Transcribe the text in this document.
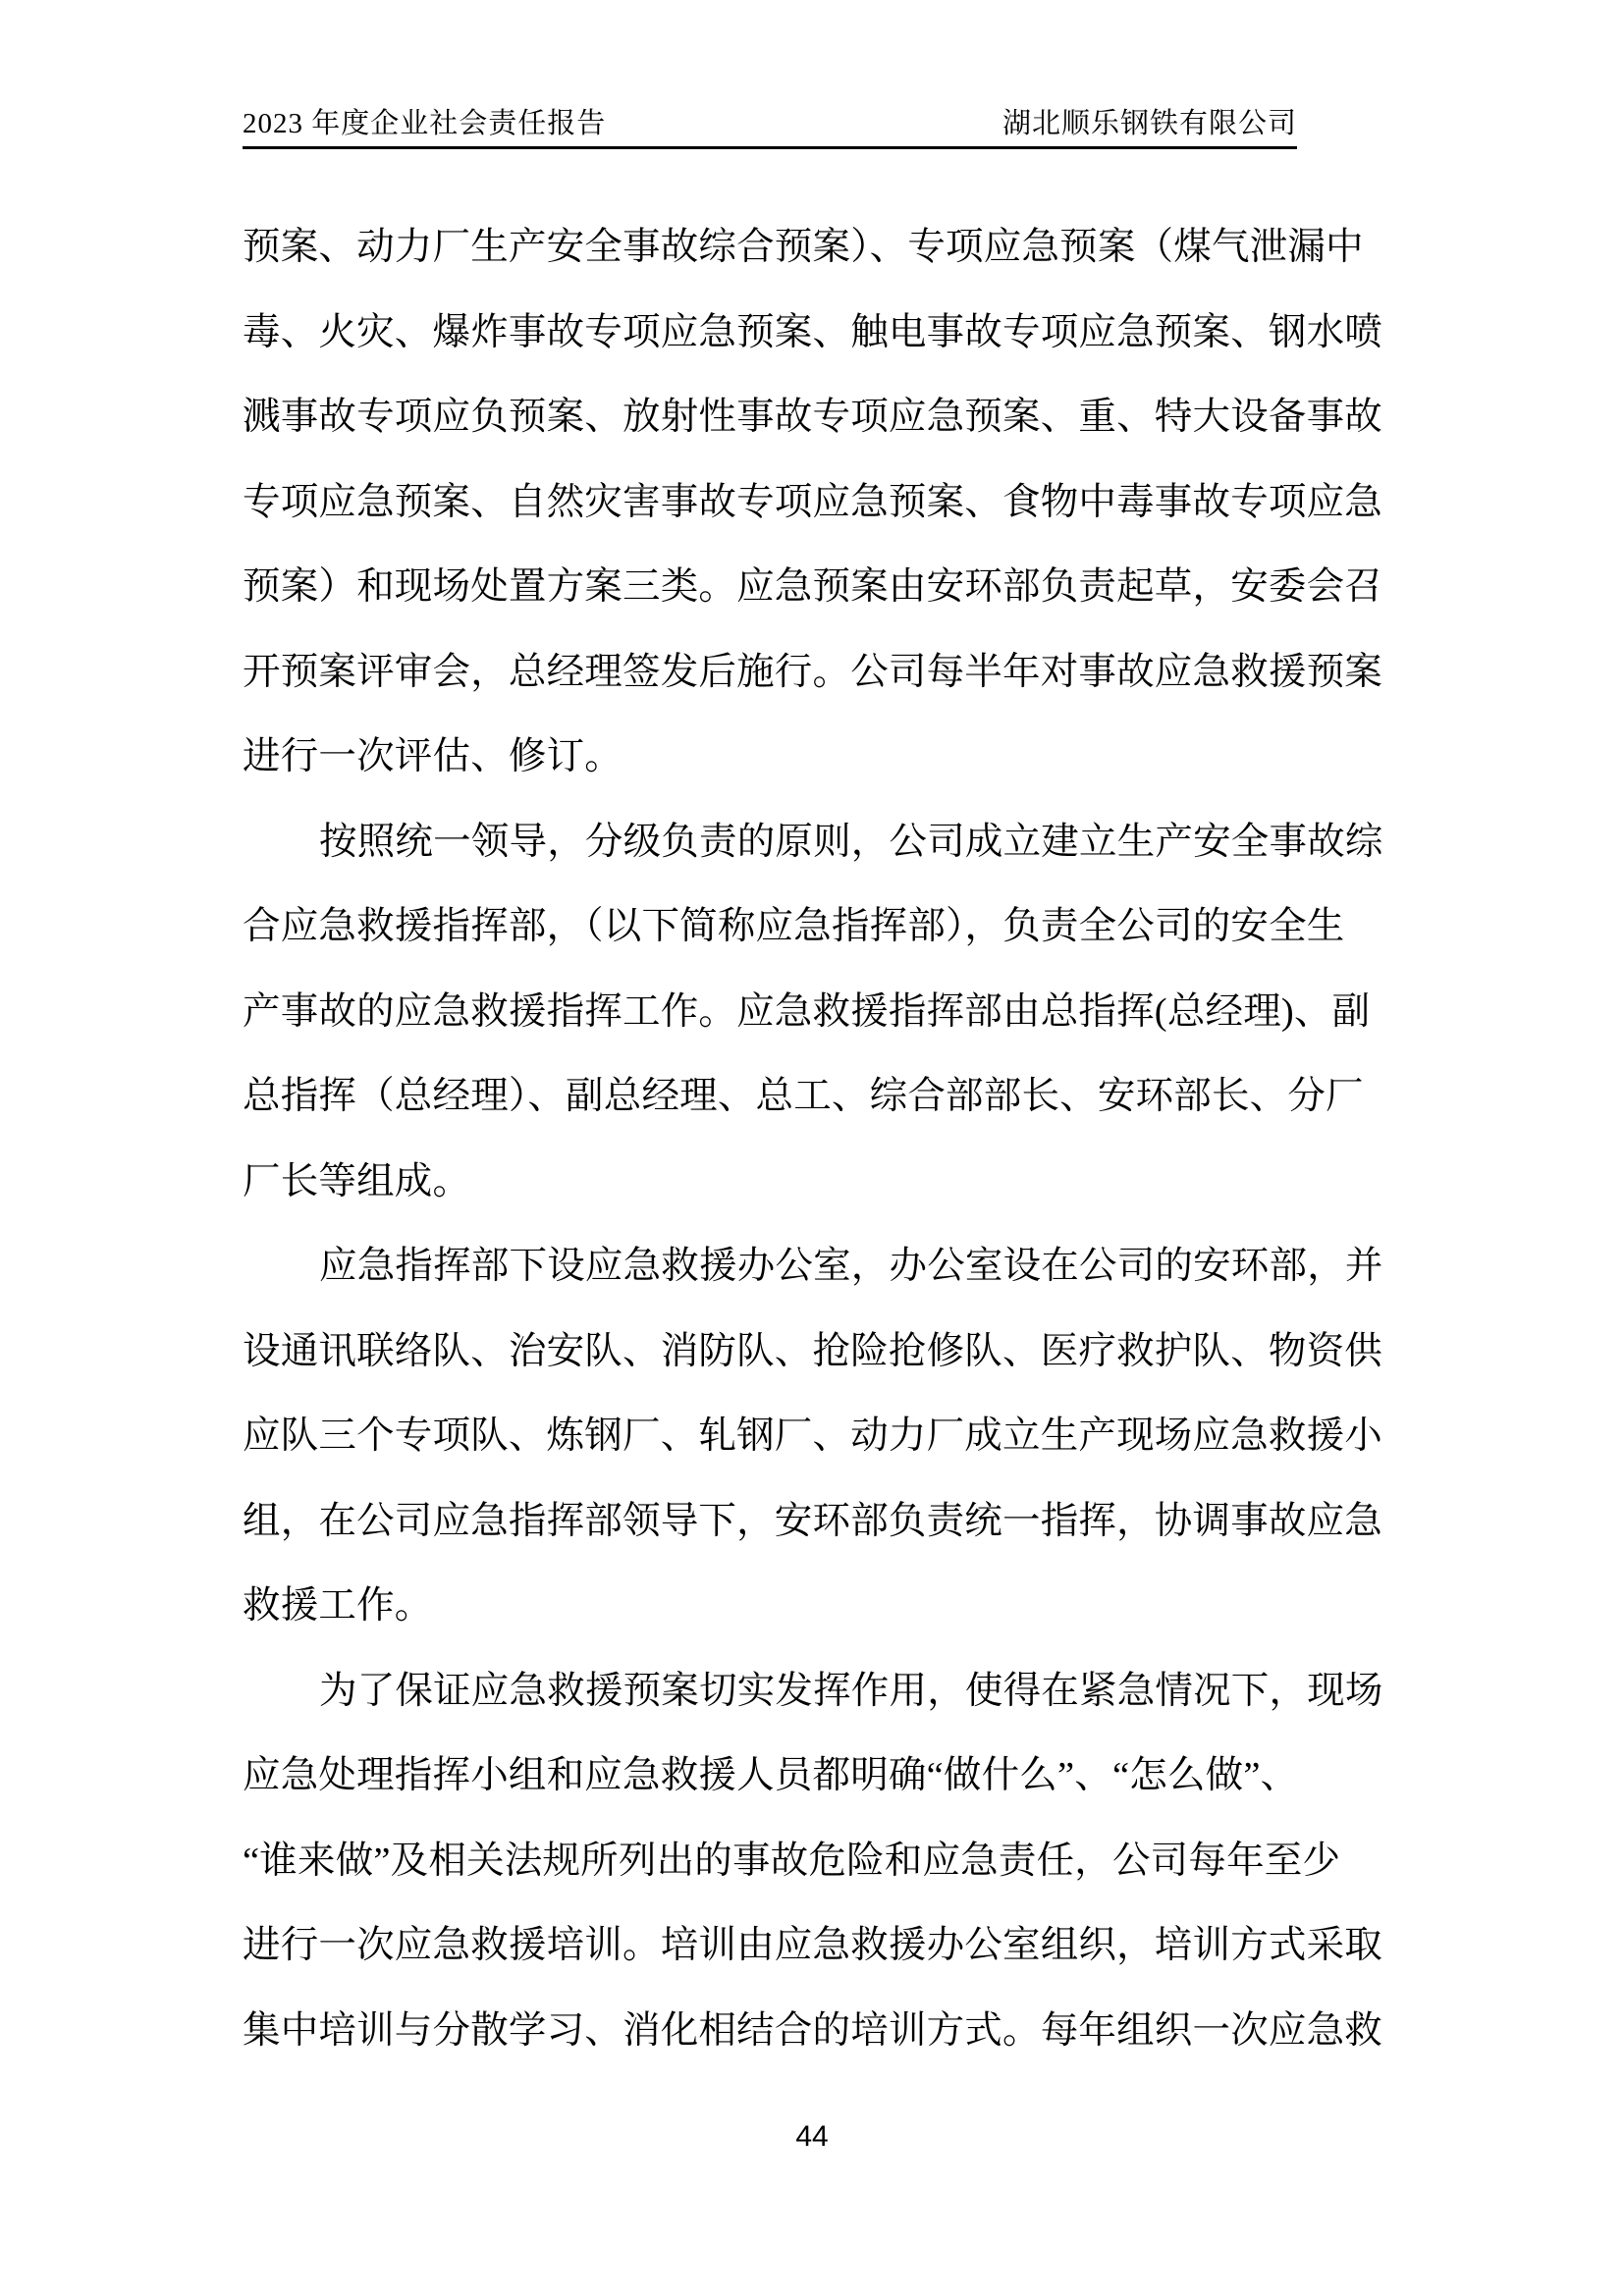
2023 年度企业社会责任报告	湖北顺乐钢铁有限公司
预案、动力厂生产安全事故综合预案）、专项应急预案（煤气泄漏中
毒、火灾、爆炸事故专项应急预案、触电事故专项应急预案、钢水喷
溅事故专项应负预案、放射性事故专项应急预案、重、特大设备事故
专项应急预案、自然灾害事故专项应急预案、食物中毒事故专项应急
预案）和现场处置方案三类。应急预案由安环部负责起草，安委会召
开预案评审会，总经理签发后施行。公司每半年对事故应急救援预案
进行一次评估、修订。
按照统一领导，分级负责的原则，公司成立建立生产安全事故综
合应急救援指挥部，（以下简称应急指挥部），负责全公司的安全生
产事故的应急救援指挥工作。应急救援指挥部由总指挥(总经理)、副
总指挥（总经理）、副总经理、总工、综合部部长、安环部长、分厂
厂长等组成。
应急指挥部下设应急救援办公室，办公室设在公司的安环部，并
设通讯联络队、治安队、消防队、抢险抢修队、医疗救护队、物资供
应队三个专项队、炼钢厂、轧钢厂、动力厂成立生产现场应急救援小
组，在公司应急指挥部领导下，安环部负责统一指挥，协调事故应急
救援工作。
为了保证应急救援预案切实发挥作用，使得在紧急情况下，现场
应急处理指挥小组和应急救援人员都明确“做什么”、“怎么做”、
“谁来做”及相关法规所列出的事故危险和应急责任，公司每年至少
进行一次应急救援培训。培训由应急救援办公室组织，培训方式采取
集中培训与分散学习、消化相结合的培训方式。每年组织一次应急救
44
